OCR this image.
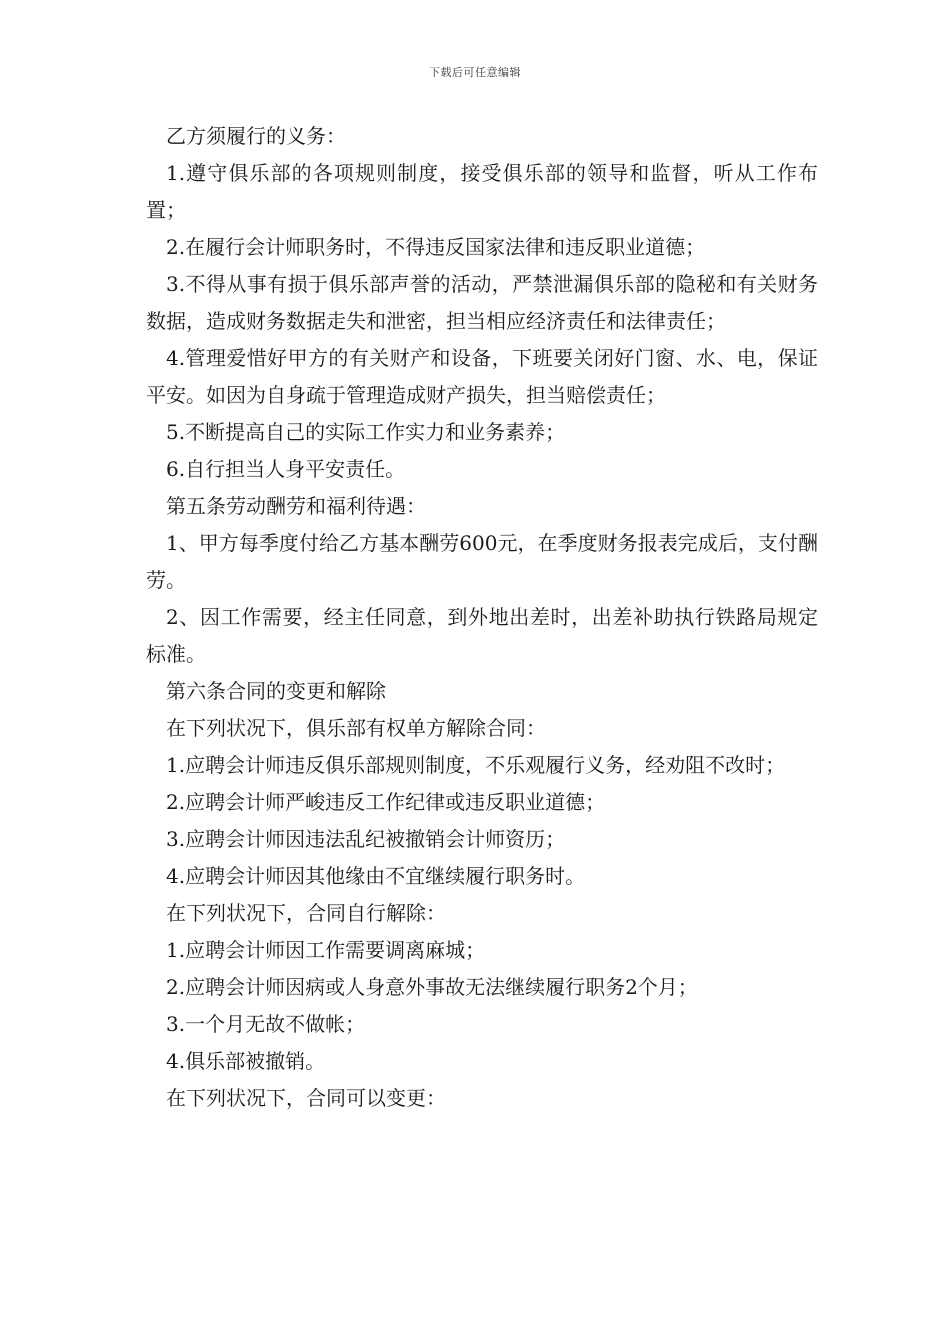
下载后可任意编辑

乙方须履行的义务：

1.遵守俱乐部的各项规则制度，接受俱乐部的领导和监督，听从工作布置；

2.在履行会计师职务时，不得违反国家法律和违反职业道德；

3.不得从事有损于俱乐部声誉的活动，严禁泄漏俱乐部的隐秘和有关财务数据，造成财务数据走失和泄密，担当相应经济责任和法律责任；

4.管理爱惜好甲方的有关财产和设备，下班要关闭好门窗、水、电，保证平安。如因为自身疏于管理造成财产损失，担当赔偿责任；

5.不断提高自己的实际工作实力和业务素养；

6.自行担当人身平安责任。

第五条劳动酬劳和福利待遇：

1、甲方每季度付给乙方基本酬劳600元，在季度财务报表完成后，支付酬劳。

2、因工作需要，经主任同意，到外地出差时，出差补助执行铁路局规定标准。

第六条合同的变更和解除

在下列状况下，俱乐部有权单方解除合同：

1.应聘会计师违反俱乐部规则制度，不乐观履行义务，经劝阻不改时；

2.应聘会计师严峻违反工作纪律或违反职业道德；

3.应聘会计师因违法乱纪被撤销会计师资历；

4.应聘会计师因其他缘由不宜继续履行职务时。

在下列状况下，合同自行解除：

1.应聘会计师因工作需要调离麻城；

2.应聘会计师因病或人身意外事故无法继续履行职务2个月；

3.一个月无故不做帐；

4.俱乐部被撤销。

在下列状况下，合同可以变更：
